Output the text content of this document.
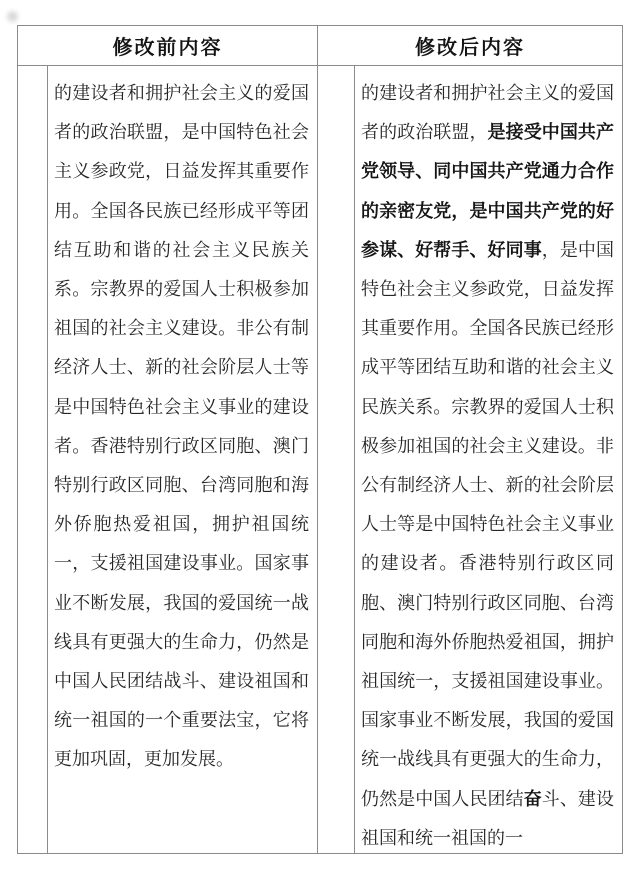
修改前内容	修改后内容
的建设者和拥护社会主义的爱国者的政治联盟，是中国特色社会主义参政党，日益发挥其重要作用。全国各民族已经形成平等团结互助和谐的社会主义民族关系。宗教界的爱国人士积极参加祖国的社会主义建设。非公有制经济人士、新的社会阶层人士等是中国特色社会主义事业的建设者。香港特别行政区同胞、澳门特别行政区同胞、台湾同胞和海外侨胞热爱祖国，拥护祖国统一，支援祖国建设事业。国家事业不断发展，我国的爱国统一战线具有更强大的生命力，仍然是中国人民团结战斗、建设祖国和统一祖国的一个重要法宝，它将更加巩固，更加发展。
的建设者和拥护社会主义的爱国者的政治联盟，是接受中国共产党领导、同中国共产党通力合作的亲密友党，是中国共产党的好参谋、好帮手、好同事，是中国特色社会主义参政党，日益发挥其重要作用。全国各民族已经形成平等团结互助和谐的社会主义民族关系。宗教界的爱国人士积极参加祖国的社会主义建设。非公有制经济人士、新的社会阶层人士等是中国特色社会主义事业的建设者。香港特别行政区同胞、澳门特别行政区同胞、台湾同胞和海外侨胞热爱祖国，拥护祖国统一，支援祖国建设事业。国家事业不断发展，我国的爱国统一战线具有更强大的生命力，仍然是中国人民团结奋斗、建设祖国和统一祖国的一
